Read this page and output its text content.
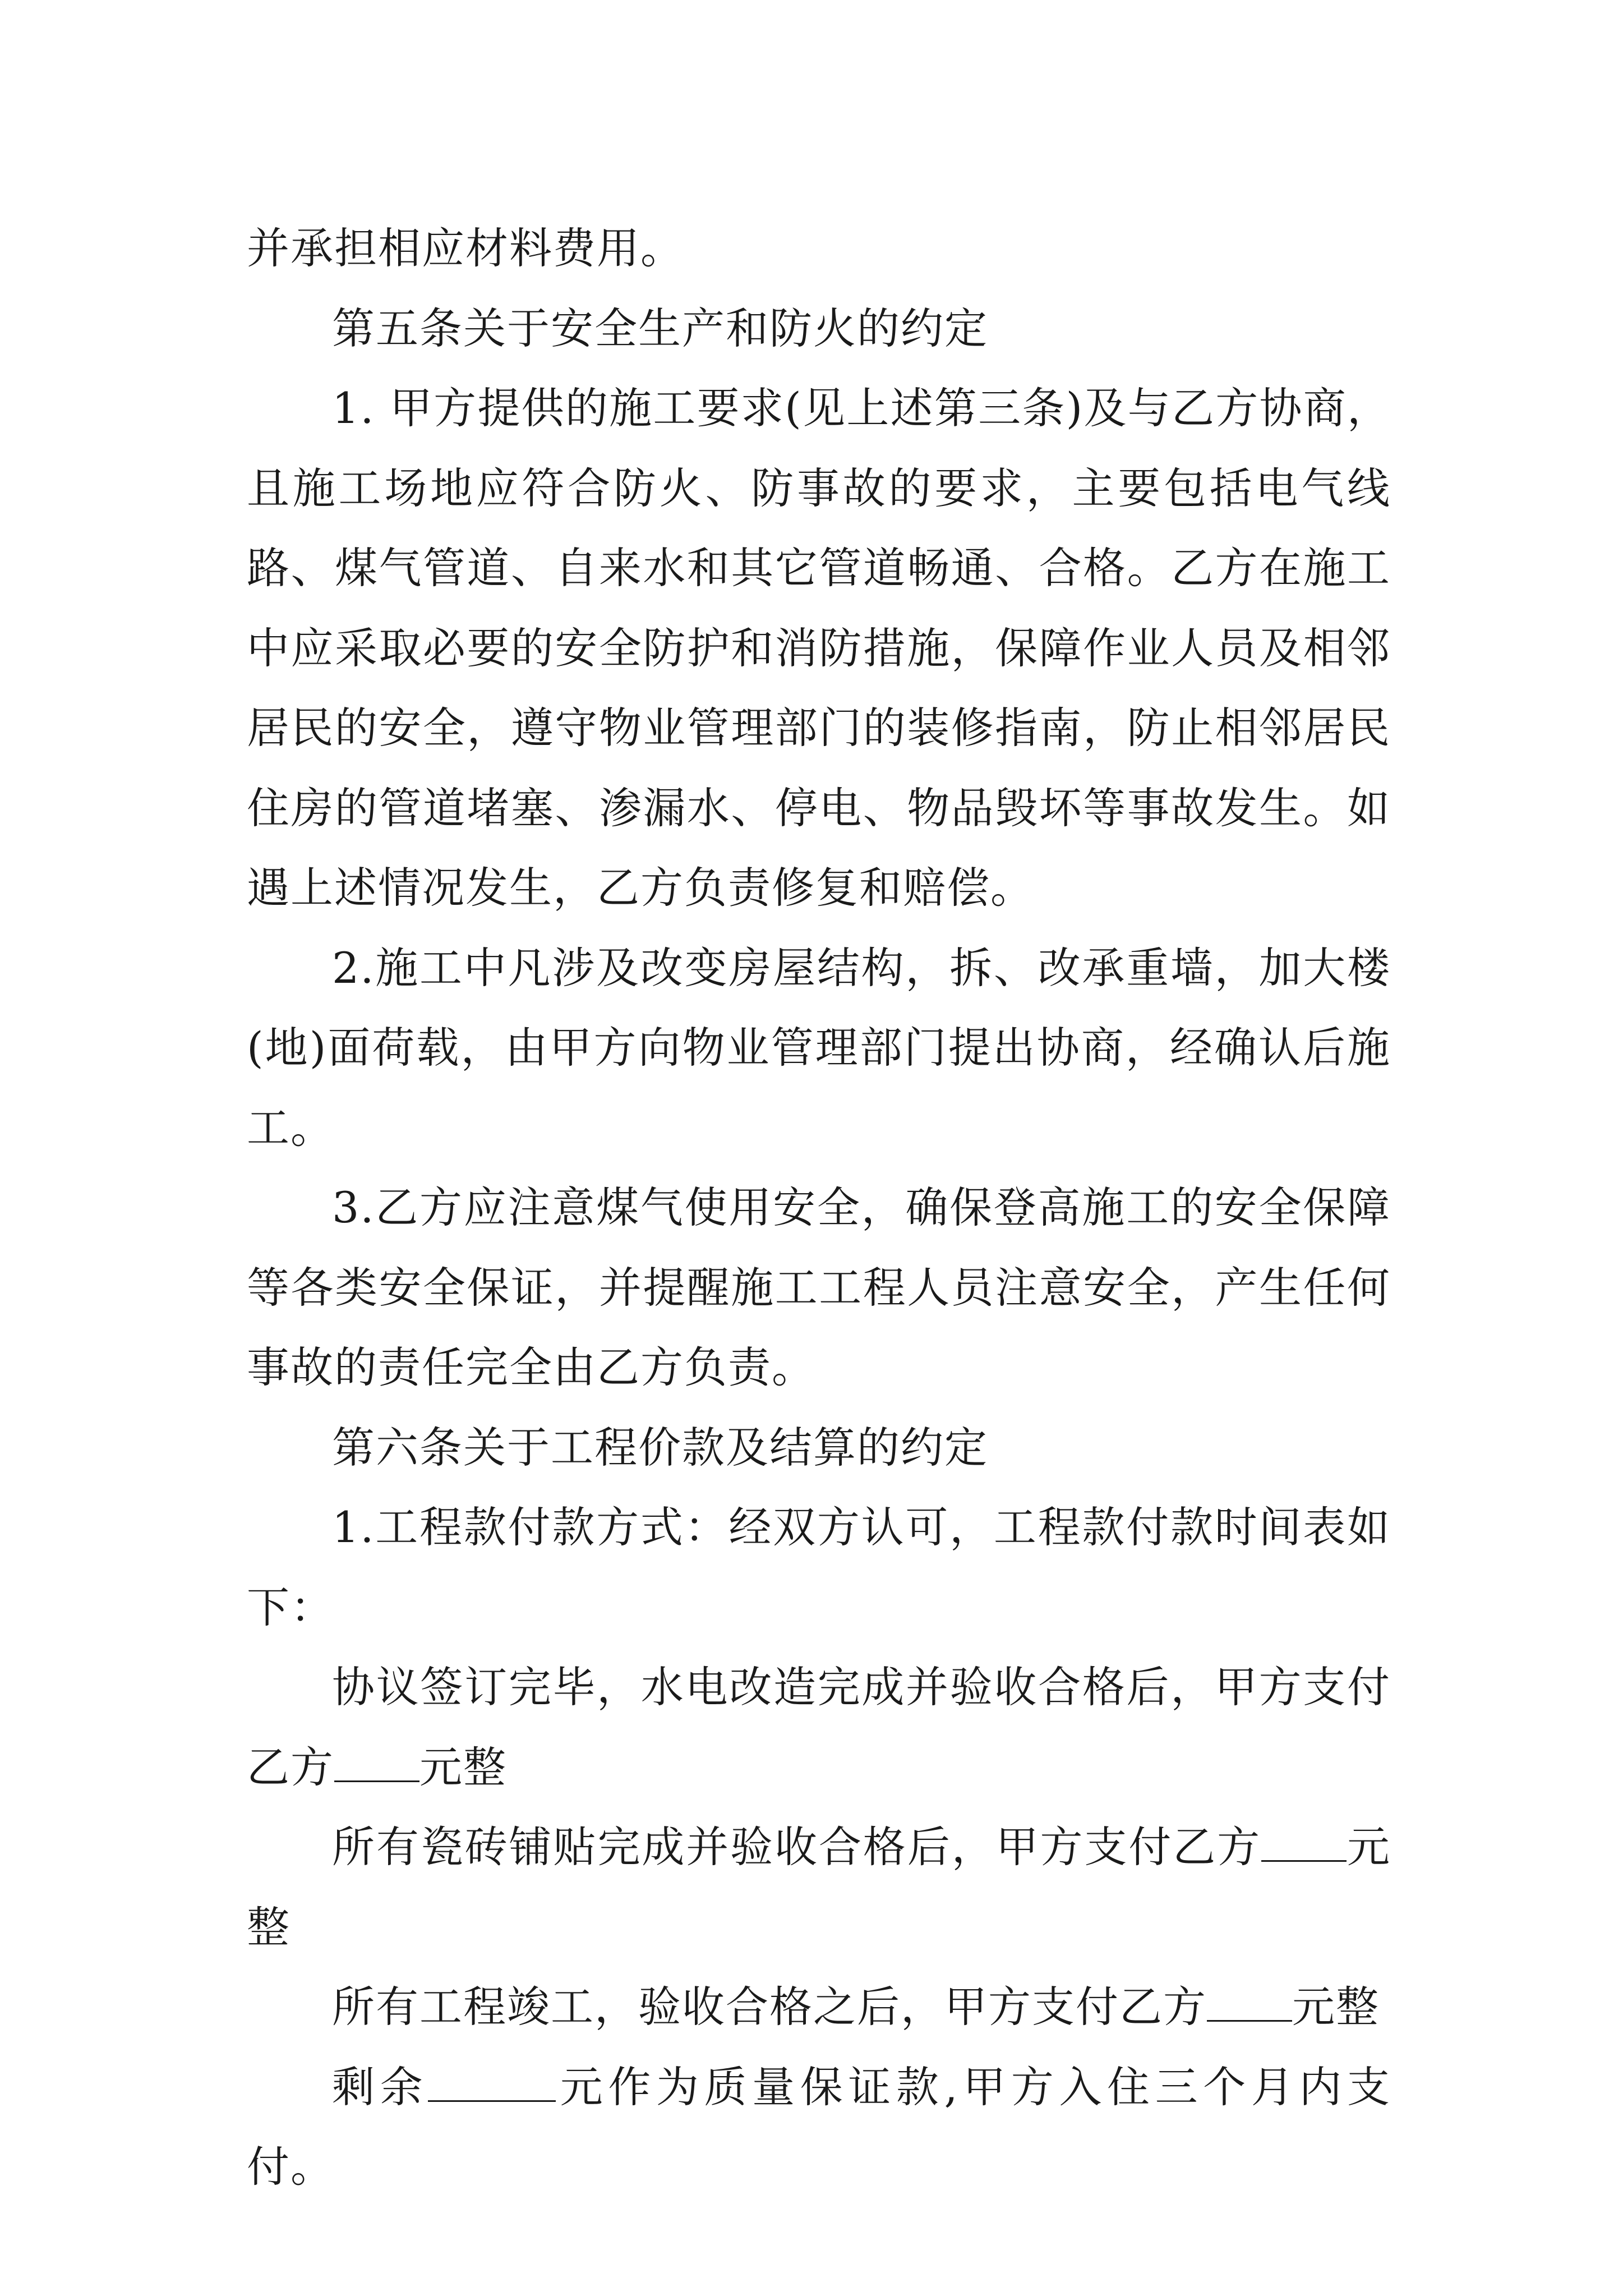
并承担相应材料费用。

第五条关于安全生产和防火的约定

1. 甲方提供的施工要求(见上述第三条)及与乙方协商，且施工场地应符合防火、防事故的要求，主要包括电气线路、煤气管道、自来水和其它管道畅通、合格。乙方在施工中应采取必要的安全防护和消防措施，保障作业人员及相邻居民的安全，遵守物业管理部门的装修指南，防止相邻居民住房的管道堵塞、渗漏水、停电、物品毁坏等事故发生。如遇上述情况发生，乙方负责修复和赔偿。

2.施工中凡涉及改变房屋结构，拆、改承重墙，加大楼(地)面荷载，由甲方向物业管理部门提出协商，经确认后施工。

3.乙方应注意煤气使用安全，确保登高施工的安全保障等各类安全保证，并提醒施工工程人员注意安全，产生任何事故的责任完全由乙方负责。

第六条关于工程价款及结算的约定

1.工程款付款方式：经双方认可，工程款付款时间表如下：

协议签订完毕，水电改造完成并验收合格后，甲方支付乙方 元整

所有瓷砖铺贴完成并验收合格后，甲方支付乙方 元整

所有工程竣工，验收合格之后，甲方支付乙方 元整

剩余	元作为质量保证款,甲方入住三个月内支付。
